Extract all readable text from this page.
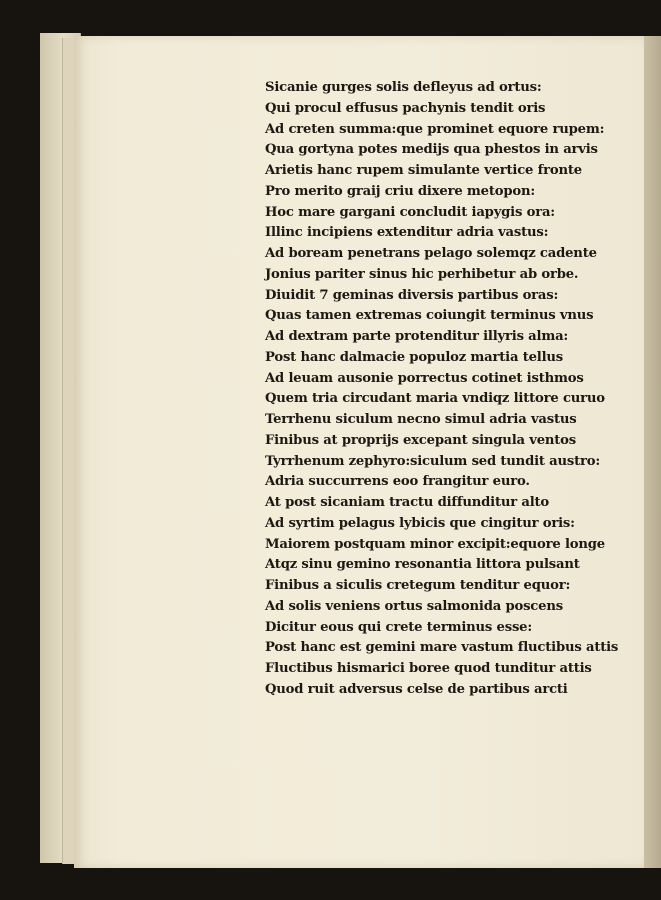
Sicanie gurges solis defleyus ad ortus:
Qui procul effusus pachynis tendit oris
Ad creten summa:que prominet equore rupem:
Qua gortyna potes medijs qua phestos in arvis
Arietis hanc rupem simulante vertice fronte
Pro merito graij criu dixere metopon:
Hoc mare gargani concludit iapygis ora:
Illinc incipiens extenditur adria vastus:
Ad boream penetrans pelago solemqz cadente
Jonius pariter sinus hic perhibetur ab orbe.
Diuidit 7 geminas diversis partibus oras:
Quas tamen extremas coiungit terminus vnus
Ad dextram parte protenditur illyris alma:
Post hanc dalmacie populoz martia tellus
Ad leuam ausonie porrectus cotinet isthmos
Quem tria circudant maria vndiqz littore curuo
Terrhenu siculum necno simul adria vastus
Finibus at proprijs excepant singula ventos
Tyrrhenum zephyro:siculum sed tundit austro:
Adria succurrens eoo frangitur euro.
At post sicaniam tractu diffunditur alto
Ad syrtim pelagus lybicis que cingitur oris:
Maiorem postquam minor excipit:equore longe
Atqz sinu gemino resonantia littora pulsant
Finibus a siculis cretegum tenditur equor:
Ad solis veniens ortus salmonida poscens
Dicitur eous qui crete terminus esse:
Post hanc est gemini mare vastum fluctibus attis
Fluctibus hismarici boree quod tunditur attis
Quod ruit adversus celse de partibus arcti
